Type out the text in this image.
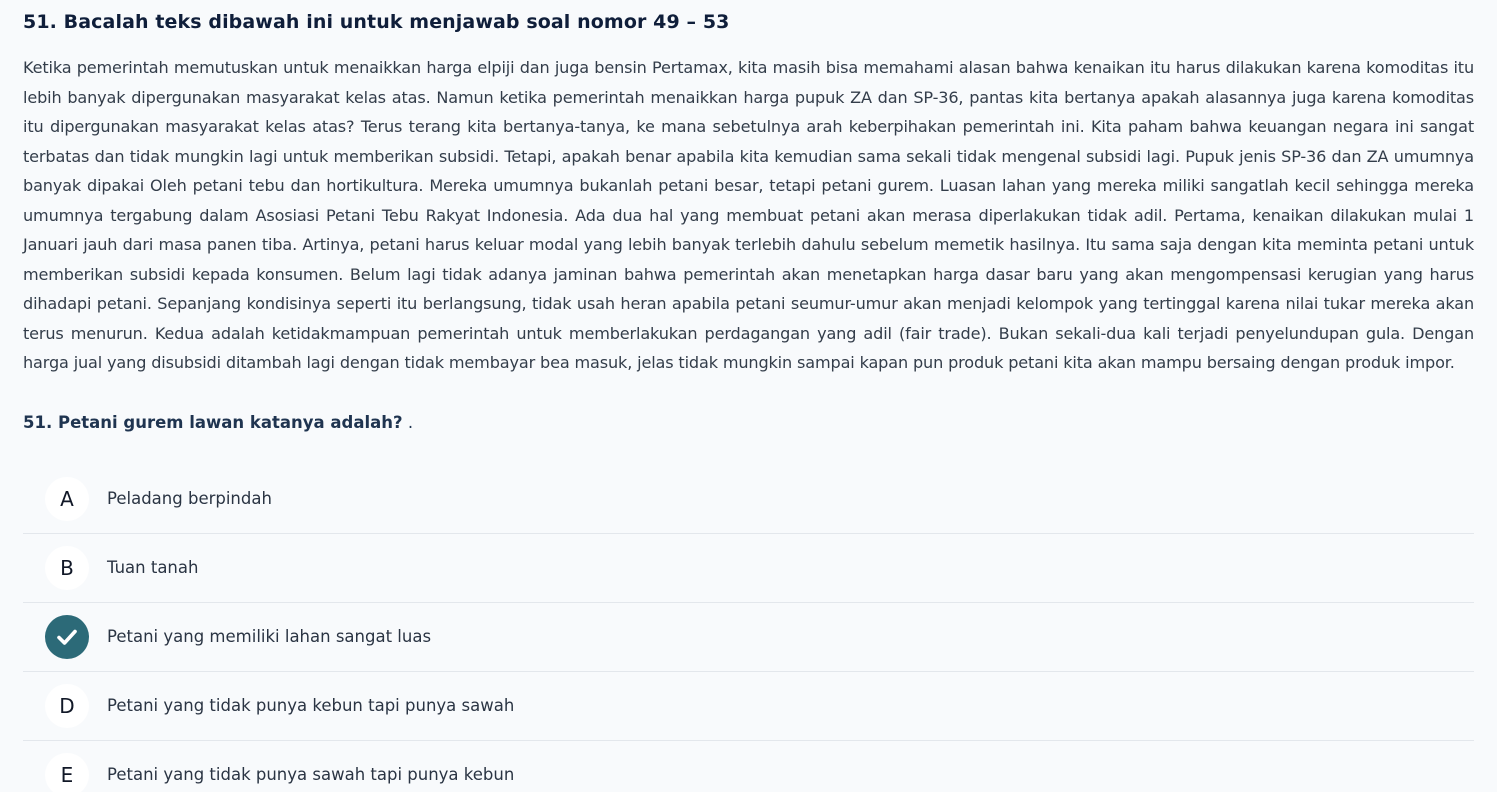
51. Bacalah teks dibawah ini untuk menjawab soal nomor 49 – 53

Ketika pemerintah memutuskan untuk menaikkan harga elpiji dan juga bensin Pertamax, kita masih bisa memahami alasan bahwa kenaikan itu harus dilakukan karena komoditas itu lebih banyak dipergunakan masyarakat kelas atas. Namun ketika pemerintah menaikkan harga pupuk ZA dan SP-36, pantas kita bertanya apakah alasannya juga karena komoditas itu dipergunakan masyarakat kelas atas? Terus terang kita bertanya-tanya, ke mana sebetulnya arah keberpihakan pemerintah ini. Kita paham bahwa keuangan negara ini sangat terbatas dan tidak mungkin lagi untuk memberikan subsidi. Tetapi, apakah benar apabila kita kemudian sama sekali tidak mengenal subsidi lagi. Pupuk jenis SP-36 dan ZA umumnya banyak dipakai Oleh petani tebu dan hortikultura. Mereka umumnya bukanlah petani besar, tetapi petani gurem. Luasan lahan yang mereka miliki sangatlah kecil sehingga mereka umumnya tergabung dalam Asosiasi Petani Tebu Rakyat Indonesia. Ada dua hal yang membuat petani akan merasa diperlakukan tidak adil. Pertama, kenaikan dilakukan mulai 1 Januari jauh dari masa panen tiba. Artinya, petani harus keluar modal yang lebih banyak terlebih dahulu sebelum memetik hasilnya. Itu sama saja dengan kita meminta petani untuk memberikan subsidi kepada konsumen. Belum lagi tidak adanya jaminan bahwa pemerintah akan menetapkan harga dasar baru yang akan mengompensasi kerugian yang harus dihadapi petani. Sepanjang kondisinya seperti itu berlangsung, tidak usah heran apabila petani seumur-umur akan menjadi kelompok yang tertinggal karena nilai tukar mereka akan terus menurun. Kedua adalah ketidakmampuan pemerintah untuk memberlakukan perdagangan yang adil (fair trade). Bukan sekali-dua kali terjadi penyelundupan gula. Dengan harga jual yang disubsidi ditambah lagi dengan tidak membayar bea masuk, jelas tidak mungkin sampai kapan pun produk petani kita akan mampu bersaing dengan produk impor.

51. Petani gurem lawan katanya adalah? .

A	Peladang berpindah
B	Tuan tanah
Petani yang memiliki lahan sangat luas
D	Petani yang tidak punya kebun tapi punya sawah
E	Petani yang tidak punya sawah tapi punya kebun
